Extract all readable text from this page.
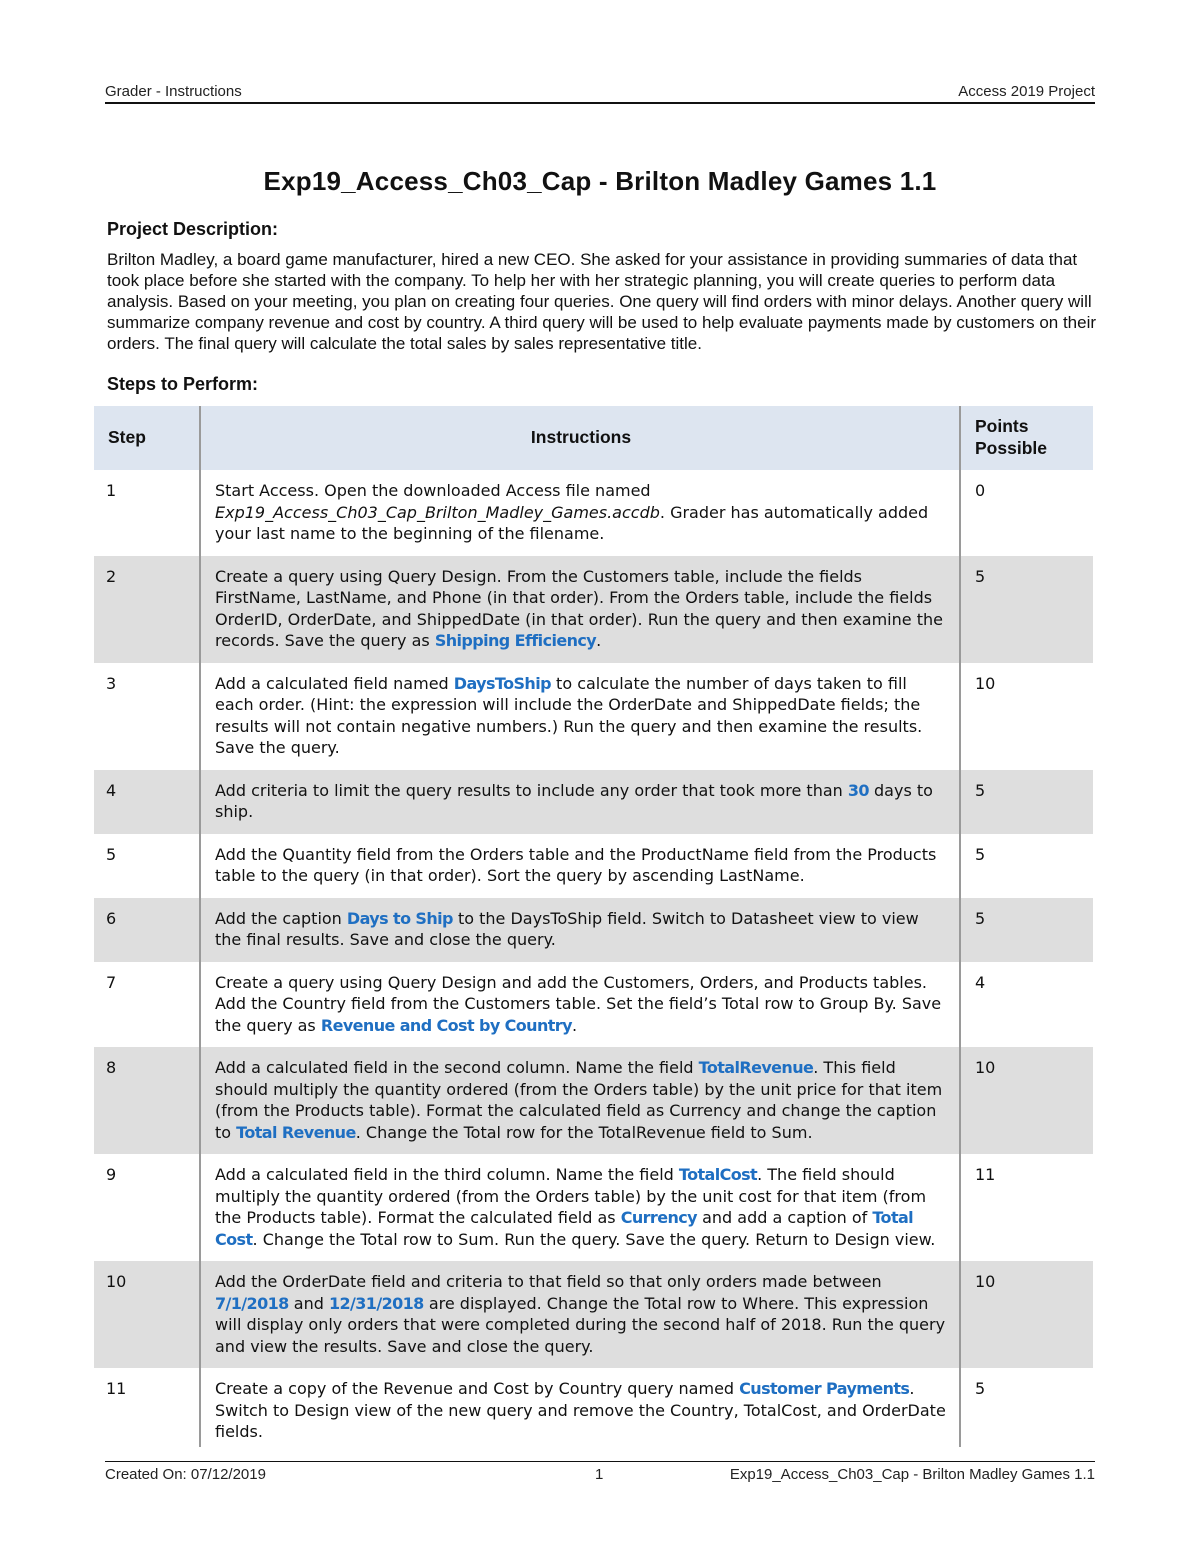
Grader - Instructions	Access 2019 Project
Exp19_Access_Ch03_Cap - Brilton Madley Games 1.1
Project Description:
Brilton Madley, a board game manufacturer, hired a new CEO. She asked for your assistance in providing summaries of data that took place before she started with the company. To help her with her strategic planning, you will create queries to perform data analysis. Based on your meeting, you plan on creating four queries. One query will find orders with minor delays. Another query will summarize company revenue and cost by country. A third query will be used to help evaluate payments made by customers on their orders. The final query will calculate the total sales by sales representative title.
Steps to Perform:
Step	Instructions	Points Possible
1	Start Access. Open the downloaded Access file named Exp19_Access_Ch03_Cap_Brilton_Madley_Games.accdb. Grader has automatically added your last name to the beginning of the filename.	0
2	Create a query using Query Design. From the Customers table, include the fields FirstName, LastName, and Phone (in that order). From the Orders table, include the fields OrderID, OrderDate, and ShippedDate (in that order). Run the query and then examine the records. Save the query as Shipping Efficiency.	5
3	Add a calculated field named DaysToShip to calculate the number of days taken to fill each order. (Hint: the expression will include the OrderDate and ShippedDate fields; the results will not contain negative numbers.) Run the query and then examine the results. Save the query.	10
4	Add criteria to limit the query results to include any order that took more than 30 days to ship.	5
5	Add the Quantity field from the Orders table and the ProductName field from the Products table to the query (in that order). Sort the query by ascending LastName.	5
6	Add the caption Days to Ship to the DaysToShip field. Switch to Datasheet view to view the final results. Save and close the query.	5
7	Create a query using Query Design and add the Customers, Orders, and Products tables. Add the Country field from the Customers table. Set the field’s Total row to Group By. Save the query as Revenue and Cost by Country.	4
8	Add a calculated field in the second column. Name the field TotalRevenue. This field should multiply the quantity ordered (from the Orders table) by the unit price for that item (from the Products table). Format the calculated field as Currency and change the caption to Total Revenue. Change the Total row for the TotalRevenue field to Sum.	10
9	Add a calculated field in the third column. Name the field TotalCost. The field should multiply the quantity ordered (from the Orders table) by the unit cost for that item (from the Products table). Format the calculated field as Currency and add a caption of Total Cost. Change the Total row to Sum. Run the query. Save the query. Return to Design view.	11
10	Add the OrderDate field and criteria to that field so that only orders made between 7/1/2018 and 12/31/2018 are displayed. Change the Total row to Where. This expression will display only orders that were completed during the second half of 2018. Run the query and view the results. Save and close the query.	10
11	Create a copy of the Revenue and Cost by Country query named Customer Payments. Switch to Design view of the new query and remove the Country, TotalCost, and OrderDate fields.	5
Created On: 07/12/2019	1	Exp19_Access_Ch03_Cap - Brilton Madley Games 1.1
